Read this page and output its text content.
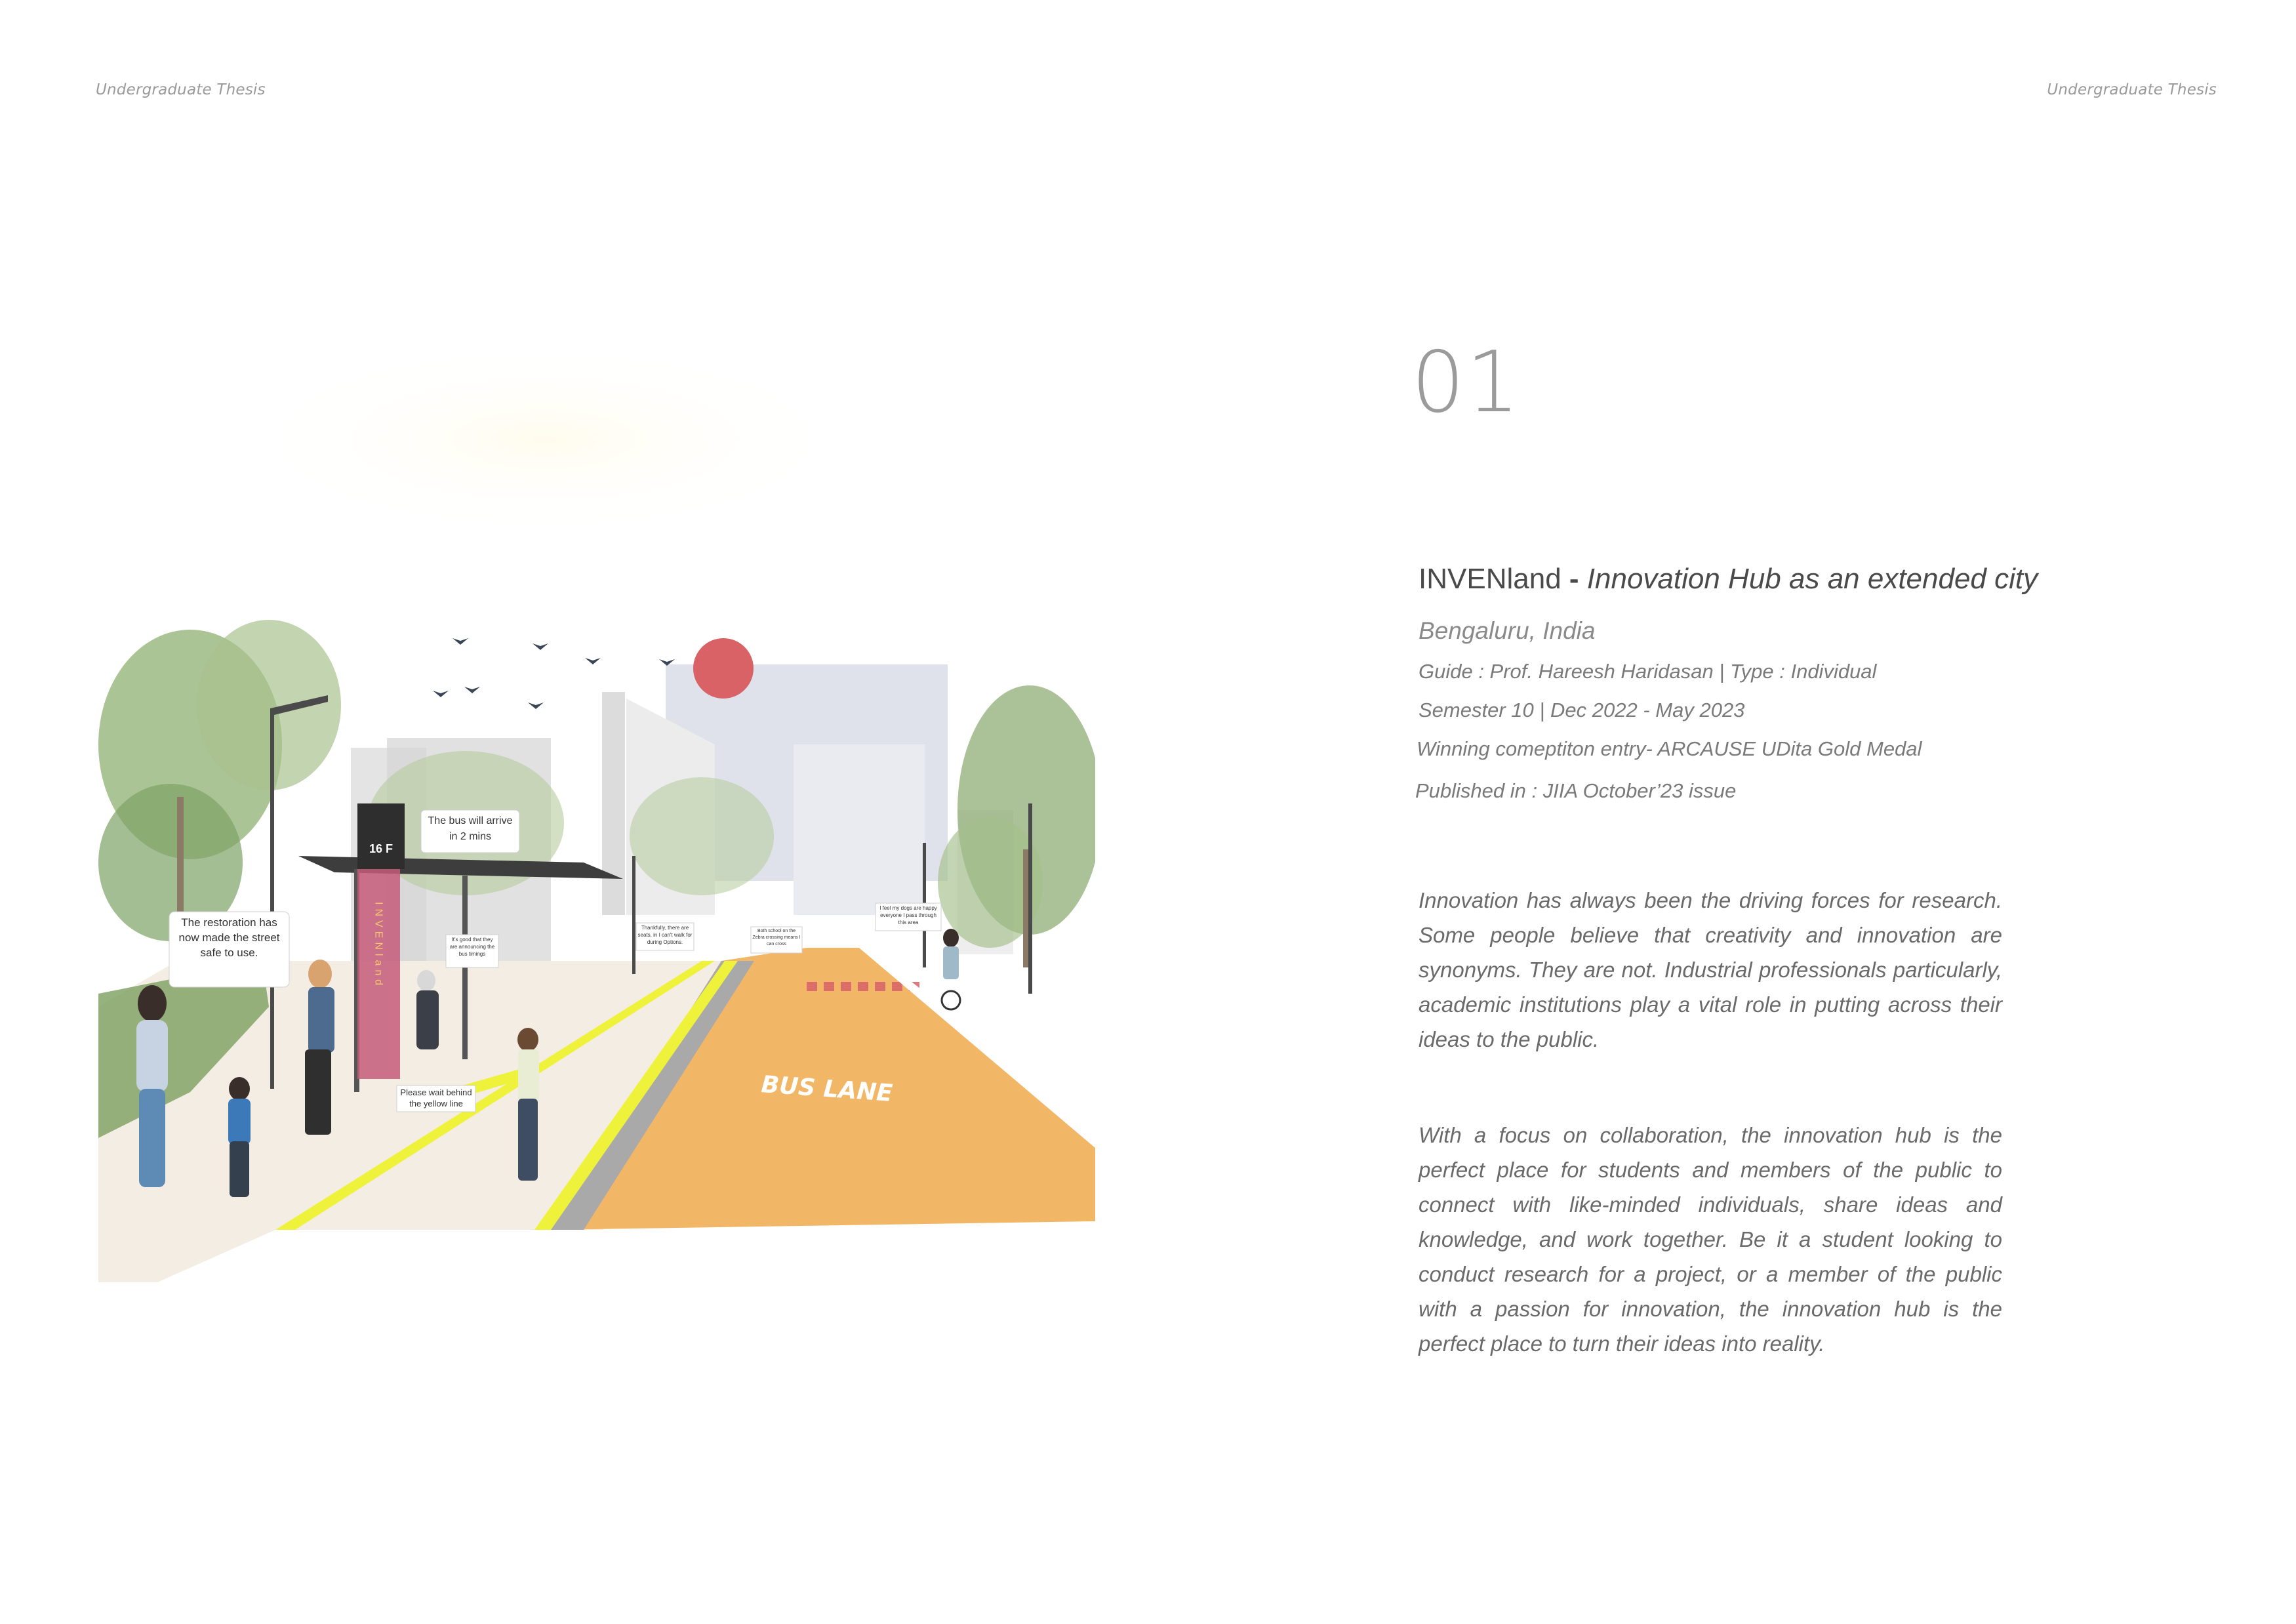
Undergraduate Thesis	Undergraduate Thesis
16 F
INVENland
BUS LANE
The restoration has now made the street safe to use.
The bus will arrive in 2 mins
It's good that they are announcing the bus timings
Thankfully, there are seats, in I can't walk for during Options.
Both school on the Zebra crossing means I can cross
I feel my dogs are happy everyone I pass through this area
Please wait behind the yellow line
01
INVENland - Innovation Hub as an extended city
Bengaluru, India
Guide : Prof. Hareesh Haridasan | Type : Individual
Semester 10 | Dec 2022 - May 2023
Winning comeptiton entry- ARCAUSE UDita Gold Medal
Published in : JIIA October’23 issue

Innovation has always been the driving forces for research. Some people believe that creativity and innovation are synonyms. They are not. Industrial professionals particularly, academic institutions play a vital role in putting across their ideas to the public.

With a focus on collaboration, the innovation hub is the perfect place for students and members of the public to connect with like-minded individuals, share ideas and knowledge, and work together. Be it a student looking to conduct research for a project, or a member of the public with a passion for innovation, the innovation hub is the perfect place to turn their ideas into reality.
